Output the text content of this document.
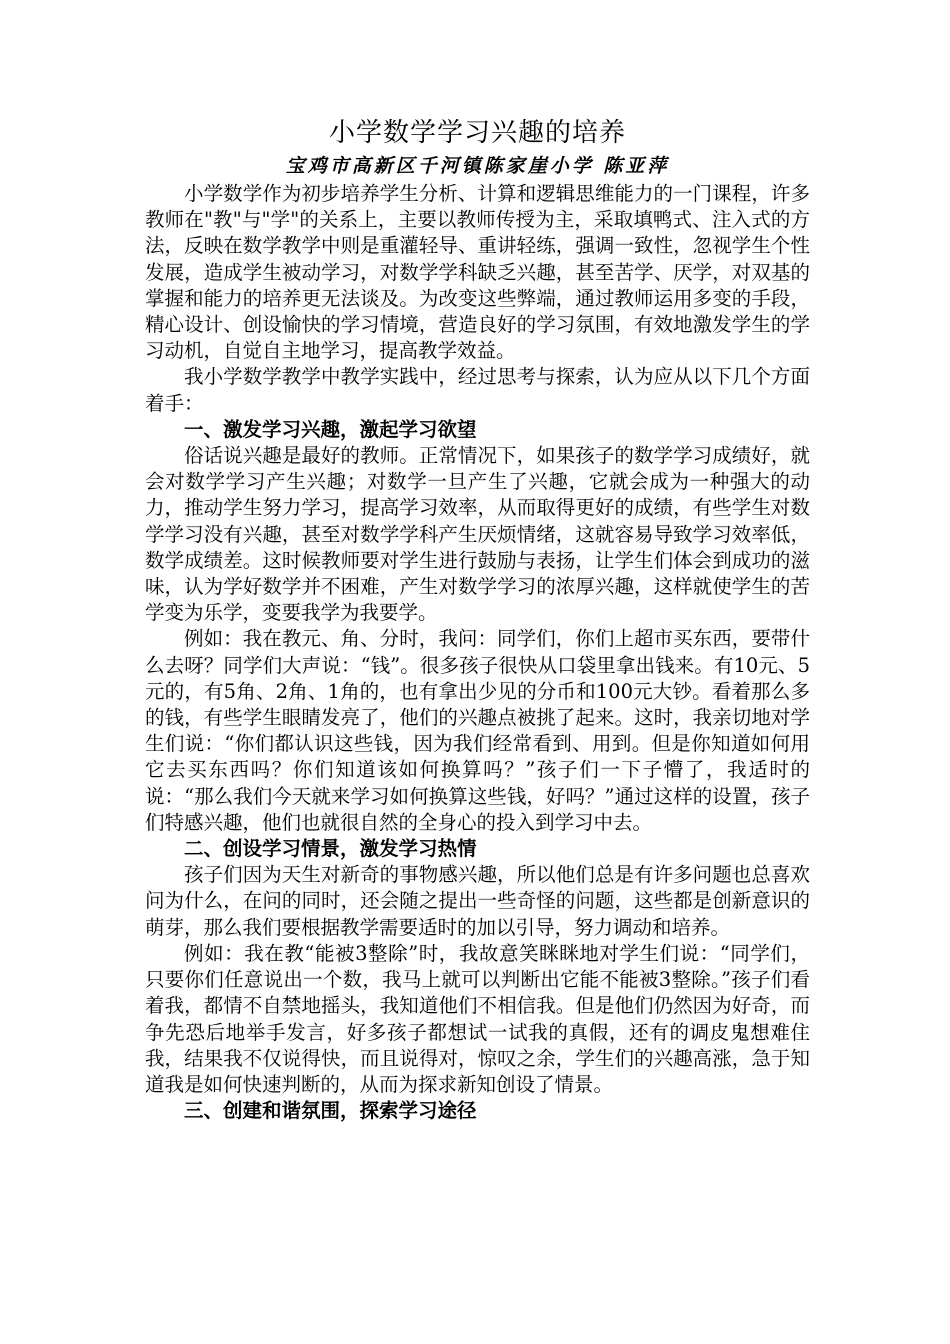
小学数学学习兴趣的培养

宝鸡市高新区千河镇陈家崖小学 陈亚萍

小学数学作为初步培养学生分析、计算和逻辑思维能力的一门课程，许多教师在"教"与"学"的关系上，主要以教师传授为主，采取填鸭式、注入式的方法，反映在数学教学中则是重灌轻导、重讲轻练，强调一致性，忽视学生个性发展，造成学生被动学习，对数学学科缺乏兴趣，甚至苦学、厌学，对双基的掌握和能力的培养更无法谈及。为改变这些弊端，通过教师运用多变的手段，精心设计、创设愉快的学习情境，营造良好的学习氛围，有效地激发学生的学习动机，自觉自主地学习，提高教学效益。

我小学数学教学中教学实践中，经过思考与探索，认为应从以下几个方面着手：

一、激发学习兴趣，激起学习欲望

俗话说兴趣是最好的教师。正常情况下，如果孩子的数学学习成绩好，就会对数学学习产生兴趣；对数学一旦产生了兴趣，它就会成为一种强大的动力，推动学生努力学习，提高学习效率，从而取得更好的成绩，有些学生对数学学习没有兴趣，甚至对数学学科产生厌烦情绪，这就容易导致学习效率低，数学成绩差。这时候教师要对学生进行鼓励与表扬，让学生们体会到成功的滋味，认为学好数学并不困难，产生对数学学习的浓厚兴趣，这样就使学生的苦学变为乐学，变要我学为我要学。

例如：我在教元、角、分时，我问：同学们，你们上超市买东西，要带什么去呀？同学们大声说：“钱”。很多孩子很快从口袋里拿出钱来。有10元、5元的，有5角、2角、1角的，也有拿出少见的分币和100元大钞。看着那么多的钱，有些学生眼睛发亮了，他们的兴趣点被挑了起来。这时，我亲切地对学生们说：“你们都认识这些钱，因为我们经常看到、用到。但是你知道如何用它去买东西吗？你们知道该如何换算吗？”孩子们一下子懵了，我适时的说：“那么我们今天就来学习如何换算这些钱，好吗？”通过这样的设置，孩子们特感兴趣，他们也就很自然的全身心的投入到学习中去。

二、创设学习情景，激发学习热情

孩子们因为天生对新奇的事物感兴趣，所以他们总是有许多问题也总喜欢问为什么，在问的同时，还会随之提出一些奇怪的问题，这些都是创新意识的萌芽，那么我们要根据教学需要适时的加以引导，努力调动和培养。

例如：我在教“能被3整除”时，我故意笑眯眯地对学生们说：“同学们，只要你们任意说出一个数，我马上就可以判断出它能不能被3整除。”孩子们看着我，都情不自禁地摇头，我知道他们不相信我。但是他们仍然因为好奇，而争先恐后地举手发言，好多孩子都想试一试我的真假，还有的调皮鬼想难住我，结果我不仅说得快，而且说得对，惊叹之余，学生们的兴趣高涨，急于知道我是如何快速判断的，从而为探求新知创设了情景。

三、创建和谐氛围，探索学习途径
